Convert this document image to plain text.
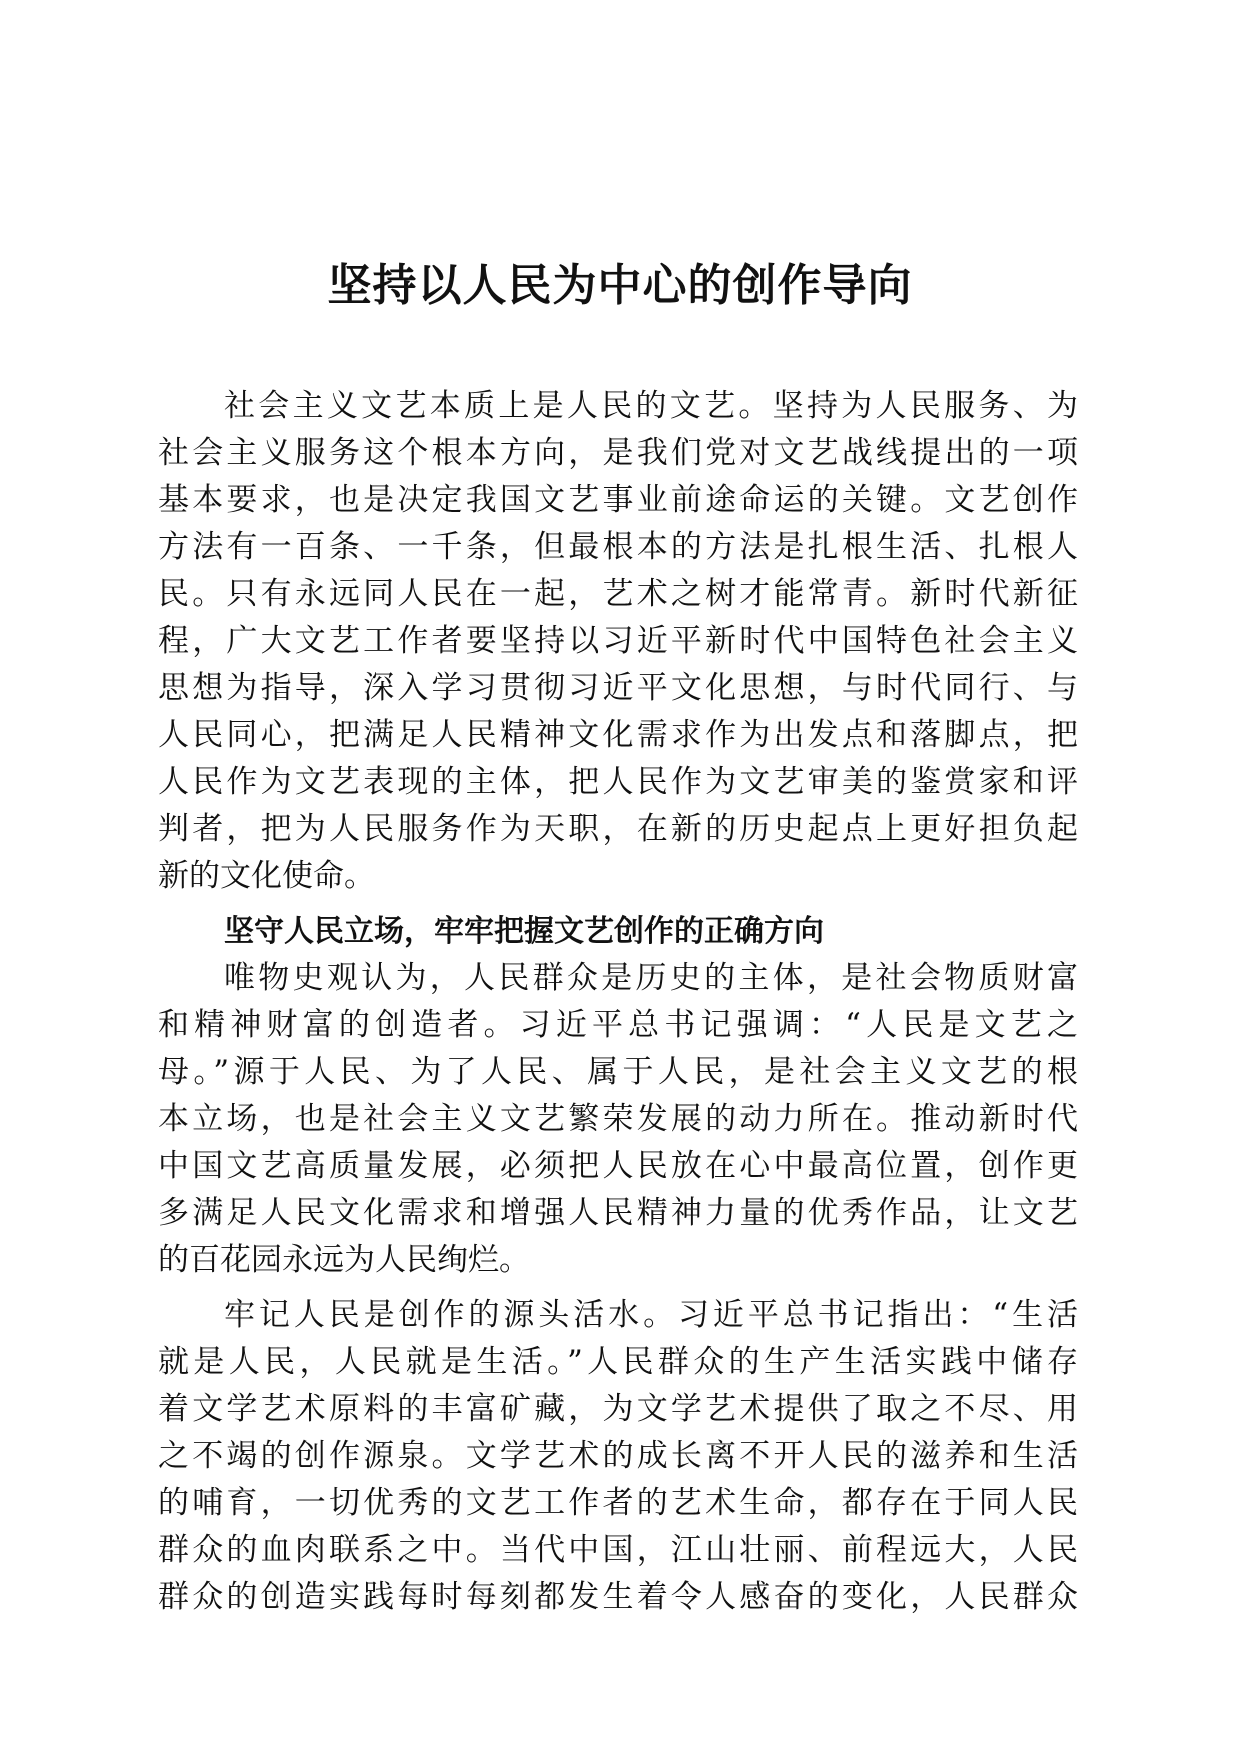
坚持以人民为中心的创作导向
社会主义文艺本质上是人民的文艺。坚持为人民服务、为
社会主义服务这个根本方向，是我们党对文艺战线提出的一项
基本要求，也是决定我国文艺事业前途命运的关键。文艺创作
方法有一百条、一千条，但最根本的方法是扎根生活、扎根人
民。只有永远同人民在一起，艺术之树才能常青。新时代新征
程，广大文艺工作者要坚持以习近平新时代中国特色社会主义
思想为指导，深入学习贯彻习近平文化思想，与时代同行、与
人民同心，把满足人民精神文化需求作为出发点和落脚点，把
人民作为文艺表现的主体，把人民作为文艺审美的鉴赏家和评
判者，把为人民服务作为天职，在新的历史起点上更好担负起
新的文化使命。
坚守人民立场，牢牢把握文艺创作的正确方向
唯物史观认为，人民群众是历史的主体，是社会物质财富
和精神财富的创造者。习近平总书记强调：“人民是文艺之
母。”源于人民、为了人民、属于人民，是社会主义文艺的根
本立场，也是社会主义文艺繁荣发展的动力所在。推动新时代
中国文艺高质量发展，必须把人民放在心中最高位置，创作更
多满足人民文化需求和增强人民精神力量的优秀作品，让文艺
的百花园永远为人民绚烂。
牢记人民是创作的源头活水。习近平总书记指出：“生活
就是人民，人民就是生活。”人民群众的生产生活实践中储存
着文学艺术原料的丰富矿藏，为文学艺术提供了取之不尽、用
之不竭的创作源泉。文学艺术的成长离不开人民的滋养和生活
的哺育，一切优秀的文艺工作者的艺术生命，都存在于同人民
群众的血肉联系之中。当代中国，江山壮丽、前程远大，人民
群众的创造实践每时每刻都发生着令人感奋的变化，人民群众
